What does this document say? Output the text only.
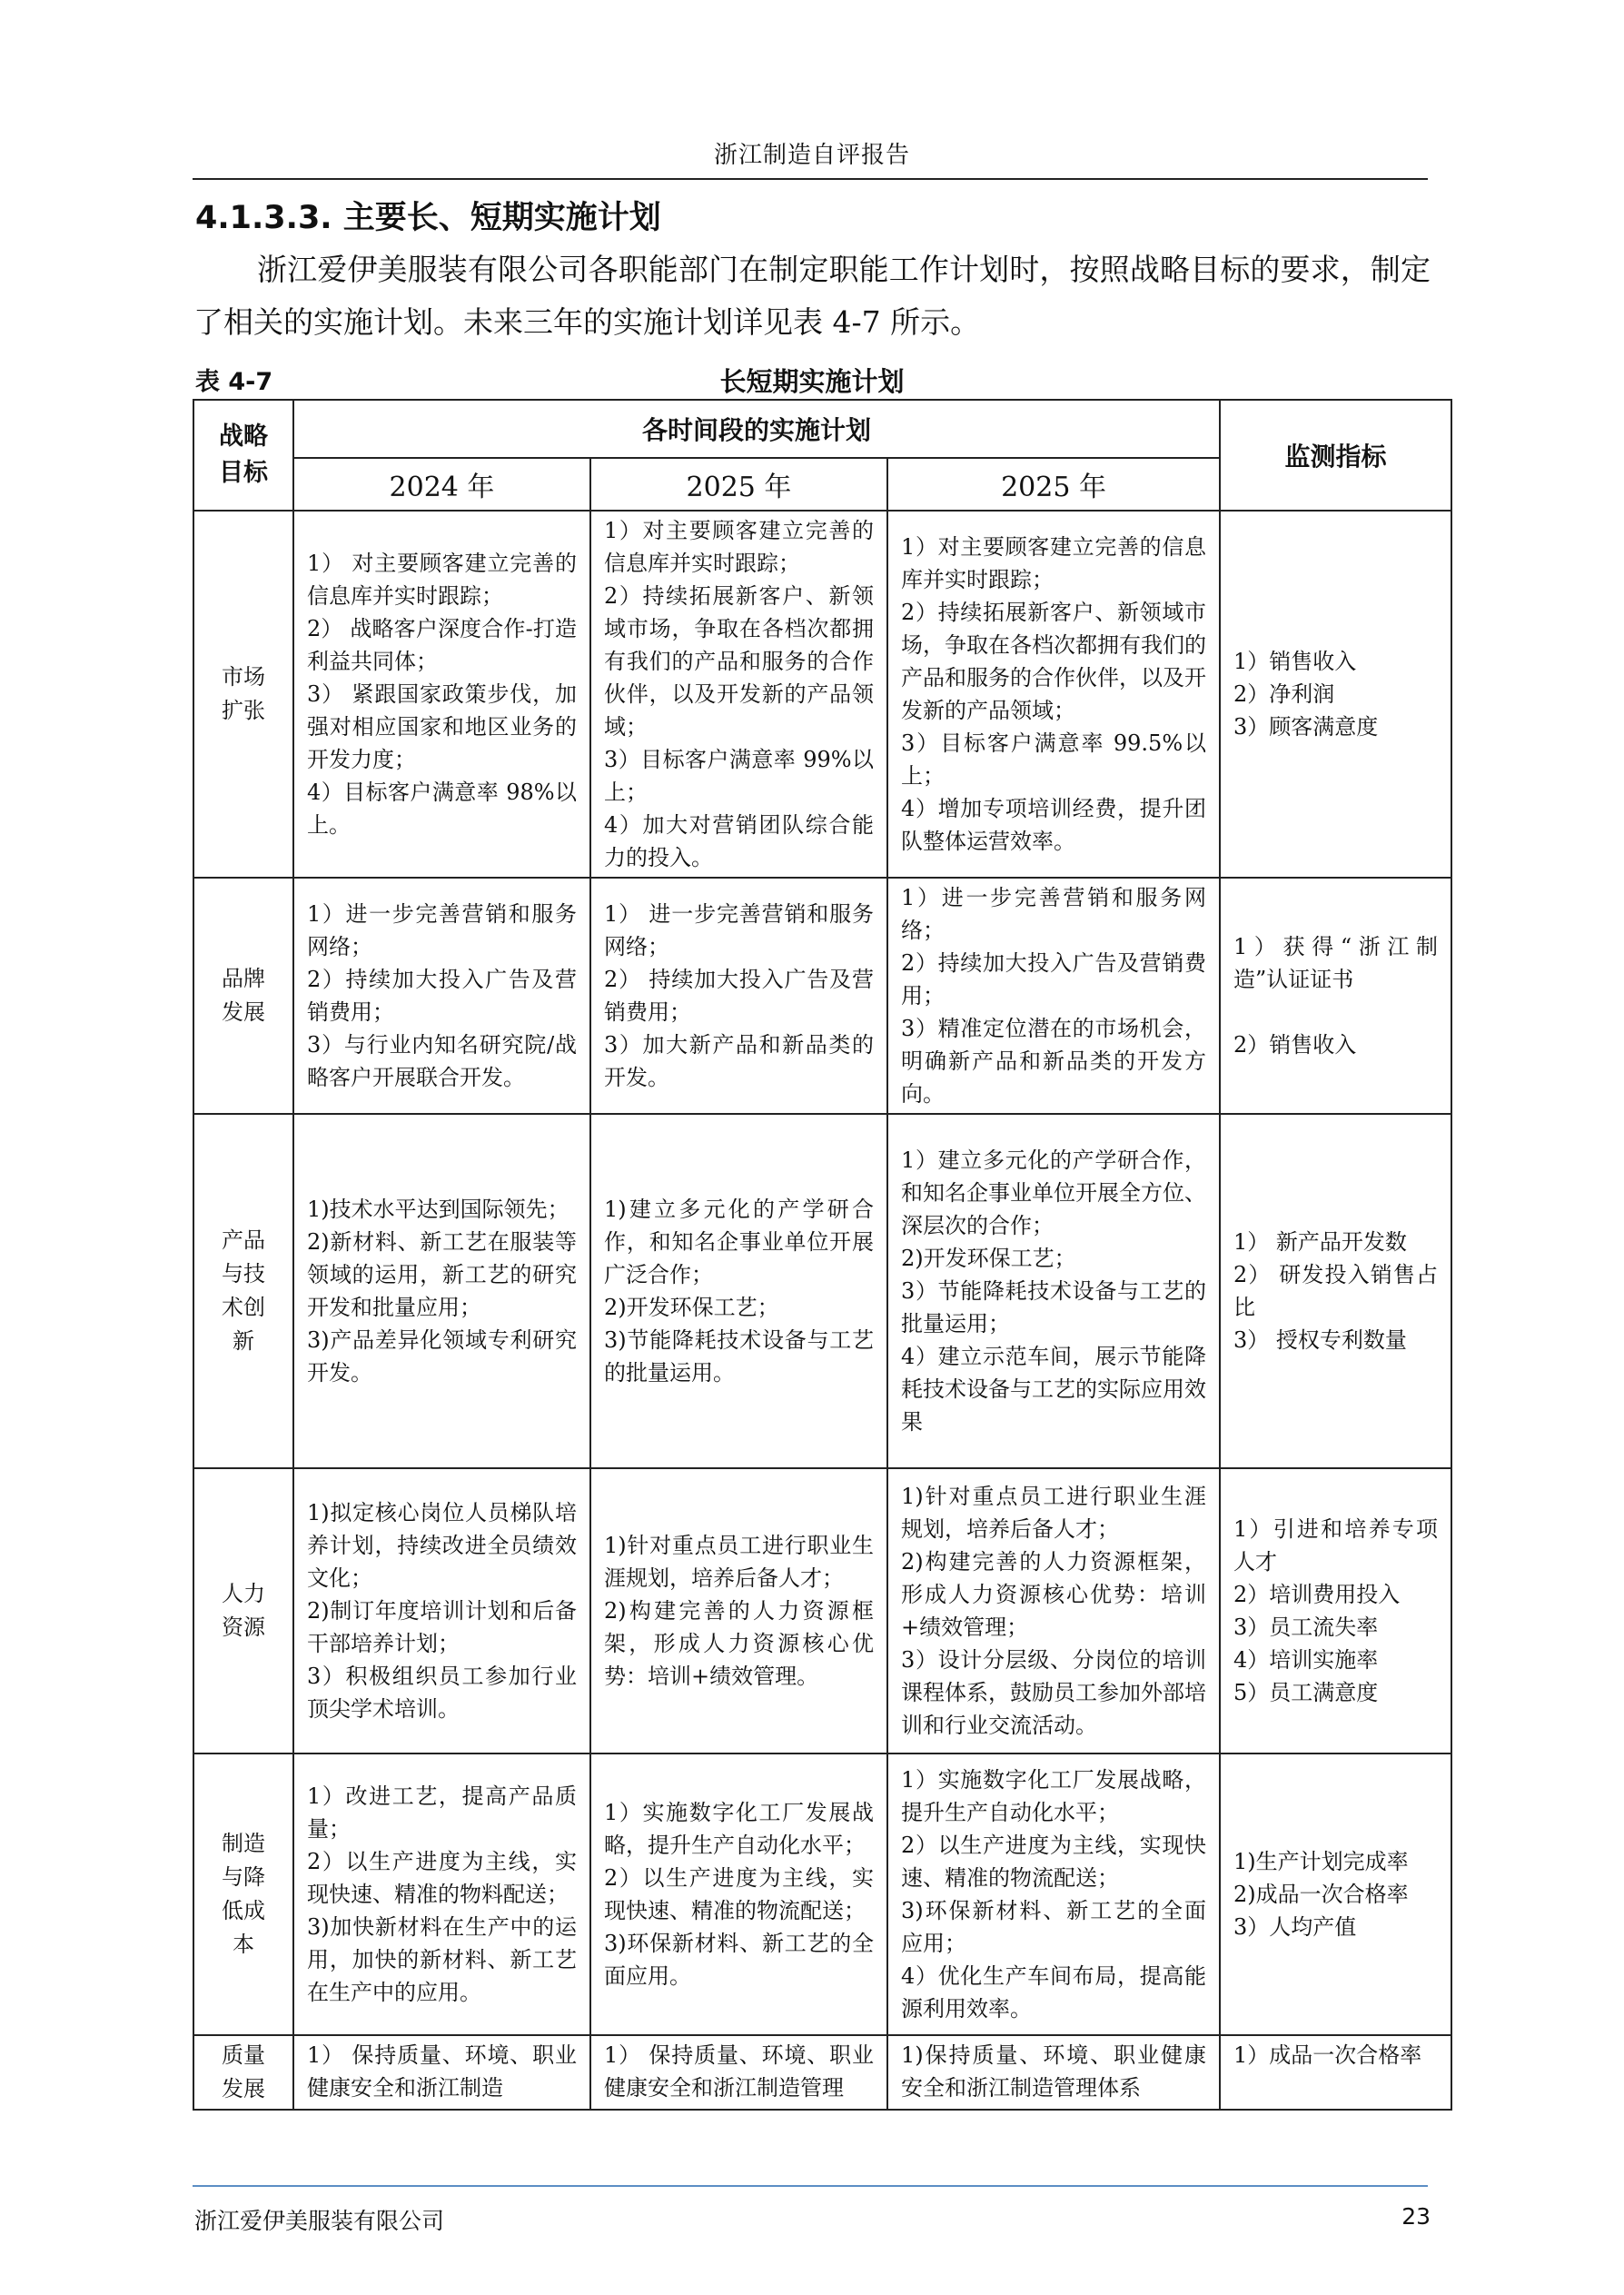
浙江制造自评报告
4.1.3.3. 主要长、短期实施计划

浙江爱伊美服装有限公司各职能部门在制定职能工作计划时，按照战略目标的要求，制定了相关的实施计划。未来三年的实施计划详见表 4-7 所示。

表 4-7	长短期实施计划
战略目标	各时间段的实施计划			监测指标
	2024 年	2025 年	2025 年	
市场扩张	1） 对主要顾客建立完善的信息库并实时跟踪；
2） 战略客户深度合作-打造利益共同体；
3） 紧跟国家政策步伐，加强对相应国家和地区业务的开发力度；
4）目标客户满意率 98%以上。	1）对主要顾客建立完善的信息库并实时跟踪；
2）持续拓展新客户、新领域市场，争取在各档次都拥有我们的产品和服务的合作伙伴，以及开发新的产品领域；
3）目标客户满意率 99%以上；
4）加大对营销团队综合能力的投入。	1）对主要顾客建立完善的信息库并实时跟踪；
2）持续拓展新客户、新领域市场，争取在各档次都拥有我们的产品和服务的合作伙伴，以及开发新的产品领域；
3）目标客户满意率 99.5%以上；
4）增加专项培训经费，提升团队整体运营效率。	1）销售收入
2）净利润
3）顾客满意度

品牌发展	1）进一步完善营销和服务网络；
2）持续加大投入广告及营销费用；
3）与行业内知名研究院/战略客户开展联合开发。	1） 进一步完善营销和服务网络；
2） 持续加大投入广告及营销费用；
3）加大新产品和新品类的开发。	1）进一步完善营销和服务网络；
2）持续加大投入广告及营销费用；
3）精准定位潜在的市场机会，明确新产品和新品类的开发方向。	1）获得“浙江制造”认证证书
2）销售收入

产品与技术创新	1)技术水平达到国际领先；
2)新材料、新工艺在服装等领域的运用，新工艺的研究开发和批量应用；
3)产品差异化领域专利研究开发。	1)建立多元化的产学研合作，和知名企事业单位开展广泛合作；
2)开发环保工艺；
3)节能降耗技术设备与工艺的批量运用。	1）建立多元化的产学研合作，和知名企事业单位开展全方位、深层次的合作；
2)开发环保工艺；
3）节能降耗技术设备与工艺的批量运用；
4）建立示范车间，展示节能降耗技术设备与工艺的实际应用效果	1） 新产品开发数
2） 研发投入销售占比
3） 授权专利数量

人力资源	1)拟定核心岗位人员梯队培养计划，持续改进全员绩效文化；
2)制订年度培训计划和后备干部培养计划；
3）积极组织员工参加行业顶尖学术培训。	1)针对重点员工进行职业生涯规划，培养后备人才；
2)构建完善的人力资源框架，形成人力资源核心优势：培训+绩效管理。	1)针对重点员工进行职业生涯规划，培养后备人才；
2)构建完善的人力资源框架，形成人力资源核心优势：培训+绩效管理；
3）设计分层级、分岗位的培训课程体系，鼓励员工参加外部培训和行业交流活动。	1）引进和培养专项人才
2）培训费用投入
3）员工流失率
4）培训实施率
5）员工满意度

制造与降低成本	1）改进工艺，提高产品质量；
2）以生产进度为主线，实现快速、精准的物料配送；
3)加快新材料在生产中的运用，加快的新材料、新工艺在生产中的应用。	1）实施数字化工厂发展战略，提升生产自动化水平；
2）以生产进度为主线，实现快速、精准的物流配送；
3)环保新材料、新工艺的全面应用。	1）实施数字化工厂发展战略，提升生产自动化水平；
2）以生产进度为主线，实现快速、精准的物流配送；
3)环保新材料、新工艺的全面应用；
4）优化生产车间布局，提高能源利用效率。	1)生产计划完成率
2)成品一次合格率
3）人均产值

质量发展	1） 保持质量、环境、职业健康安全和浙江制造	1） 保持质量、环境、职业健康安全和浙江制造管理	1)保持质量、环境、职业健康安全和浙江制造管理体系	1）成品一次合格率
浙江爱伊美服装有限公司	23
